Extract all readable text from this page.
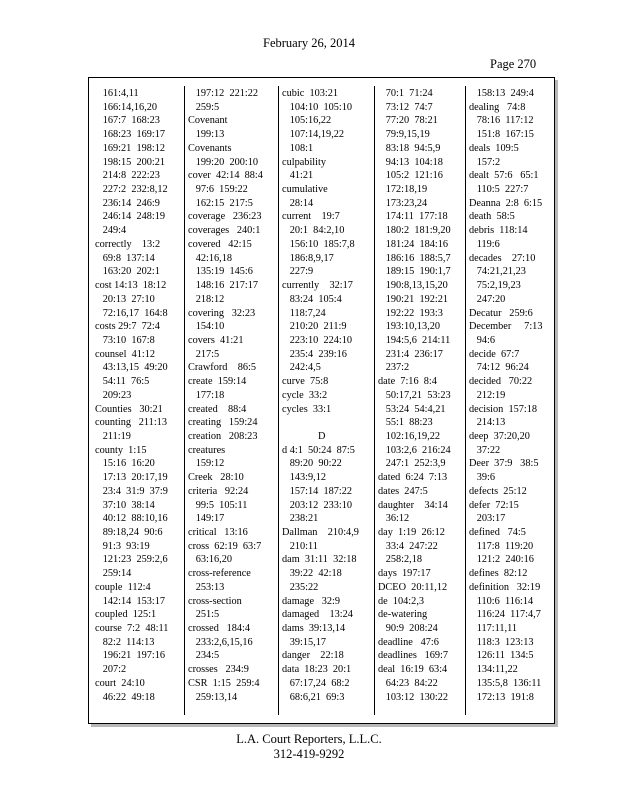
February 26, 2014
Page 270
161:4,11
166:14,16,20
167:7  168:23
168:23  169:17
169:21  198:12
198:15  200:21
214:8  222:23
227:2  232:8,12
236:14  246:9
246:14  248:19
249:4
correctly    13:2
69:8  137:14
163:20  202:1
cost 14:13  18:12
20:13  27:10
72:16,17  164:8
costs 29:7  72:4
73:10  167:8
counsel  41:12
43:13,15  49:20
54:11  76:5
209:23
Counties   30:21
counting   211:13
211:19
county  1:15
15:16  16:20
17:13  20:17,19
23:4  31:9  37:9
37:10  38:14
40:12  88:10,16
89:18,24  90:6
91:3  93:19
121:23  259:2,6
259:14
couple  112:4
142:14  153:17
coupled  125:1
course  7:2  48:11
82:2  114:13
196:21  197:16
207:2
court  24:10
46:22  49:18
197:12  221:22
259:5
Covenant
199:13
Covenants
199:20  200:10
cover  42:14  88:4
97:6  159:22
162:15  217:5
coverage   236:23
coverages   240:1
covered   42:15
42:16,18
135:19  145:6
148:16  217:17
218:12
covering   32:23
154:10
covers  41:21
217:5
Crawford    86:5
create  159:14
177:18
created    88:4
creating   159:24
creation   208:23
creatures
159:12
Creek   28:10
criteria   92:24
99:5  105:11
149:17
critical   13:16
cross  62:19  63:7
63:16,20
cross-reference
253:13
cross-section
251:5
crossed   184:4
233:2,6,15,16
234:5
crosses   234:9
CSR  1:15  259:4
259:13,14
cubic  103:21
104:10  105:10
105:16,22
107:14,19,22
108:1
culpability
41:21
cumulative
28:14
current    19:7
20:1  84:2,10
156:10  185:7,8
186:8,9,17
227:9
currently    32:17
83:24  105:4
118:7,24
210:20  211:9
223:10  224:10
235:4  239:16
242:4,5
curve  75:8
cycle  33:2
cycles  33:1
D
d 4:1  50:24  87:5
89:20  90:22
143:9,12
157:14  187:22
203:12  233:10
238:21
Dallman    210:4,9
210:11
dam  31:11  32:18
39:22  42:18
235:22
damage   32:9
damaged    13:24
dams  39:13,14
39:15,17
danger    22:18
data  18:23  20:1
67:17,24  68:2
68:6,21  69:3
70:1  71:24
73:12  74:7
77:20  78:21
79:9,15,19
83:18  94:5,9
94:13  104:18
105:2  121:16
172:18,19
173:23,24
174:11  177:18
180:2  181:9,20
181:24  184:16
186:16  188:5,7
189:15  190:1,7
190:8,13,15,20
190:21  192:21
192:22  193:3
193:10,13,20
194:5,6  214:11
231:4  236:17
237:2
date  7:16  8:4
50:17,21  53:23
53:24  54:4,21
55:1  88:23
102:16,19,22
103:2,6  216:24
247:1  252:3,9
dated  6:24  7:13
dates  247:5
daughter    34:14
36:12
day  1:19  26:12
33:4  247:22
258:2,18
days  197:17
DCEO  20:11,12
de  104:2,3
de-watering
90:9  208:24
deadline   47:6
deadlines   169:7
deal  16:19  63:4
64:23  84:22
103:12  130:22
158:13  249:4
dealing   74:8
78:16  117:12
151:8  167:15
deals  109:5
157:2
dealt  57:6   65:1
110:5  227:7
Deanna  2:8  6:15
death  58:5
debris  118:14
119:6
decades    27:10
74:21,21,23
75:2,19,23
247:20
Decatur   259:6
December     7:13
94:6
decide  67:7
74:12  96:24
decided   70:22
212:19
decision  157:18
214:13
deep  37:20,20
37:22
Deer  37:9   38:5
39:6
defects  25:12
defer  72:15
203:17
defined   74:5
117:8  119:20
121:2  240:16
defines  82:12
definition   32:19
110:6  116:14
116:24  117:4,7
117:11,11
118:3  123:13
126:11  134:5
134:11,22
135:5,8  136:11
172:13  191:8
L.A. Court Reporters, L.L.C.
312-419-9292
